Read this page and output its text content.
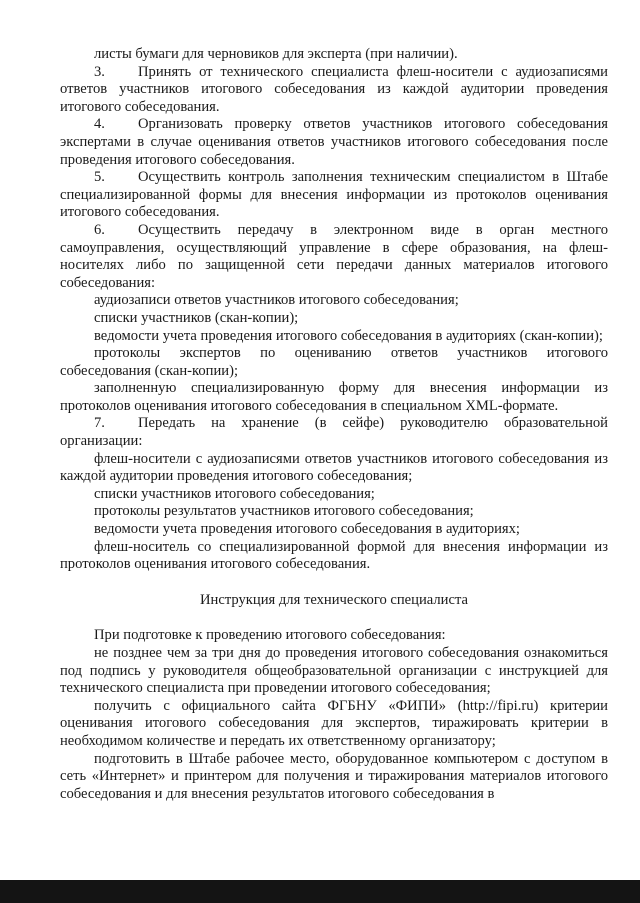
листы бумаги для черновиков для эксперта (при наличии).

3. Принять от технического специалиста флеш-носители с аудиозаписями ответов участников итогового собеседования из каждой аудитории проведения итогового собеседования.

4. Организовать проверку ответов участников итогового собеседования экспертами в случае оценивания ответов участников итогового собеседования после проведения итогового собеседования.

5. Осуществить контроль заполнения техническим специалистом в Штабе специализированной формы для внесения информации из протоколов оценивания итогового собеседования.

6. Осуществить передачу в электронном виде в орган местного самоуправления, осуществляющий управление в сфере образования, на флеш-носителях либо по защищенной сети передачи данных материалов итогового собеседования:

аудиозаписи ответов участников итогового собеседования;

списки участников (скан-копии);

ведомости учета проведения итогового собеседования в аудиториях (скан-копии);

протоколы экспертов по оцениванию ответов участников итогового собеседования (скан-копии);

заполненную специализированную форму для внесения информации из протоколов оценивания итогового собеседования в специальном XML-формате.

7. Передать на хранение (в сейфе) руководителю образовательной организации:

флеш-носители с аудиозаписями ответов участников итогового собеседования из каждой аудитории проведения итогового собеседования;

списки участников итогового собеседования;

протоколы результатов участников итогового собеседования;

ведомости учета проведения итогового собеседования в аудиториях;

флеш-носитель со специализированной формой для внесения информации из протоколов оценивания итогового собеседования.

Инструкция для технического специалиста

При подготовке к проведению итогового собеседования:

не позднее чем за три дня до проведения итогового собеседования ознакомиться под подпись у руководителя общеобразовательной организации с инструкцией для технического специалиста при проведении итогового собеседования;

получить с официального сайта ФГБНУ «ФИПИ» (http://fipi.ru) критерии оценивания итогового собеседования для экспертов, тиражировать критерии в необходимом количестве и передать их ответственному организатору;

подготовить в Штабе рабочее место, оборудованное компьютером с доступом в сеть «Интернет» и принтером для получения и тиражирования материалов итогового собеседования и для внесения результатов итогового собеседования в
